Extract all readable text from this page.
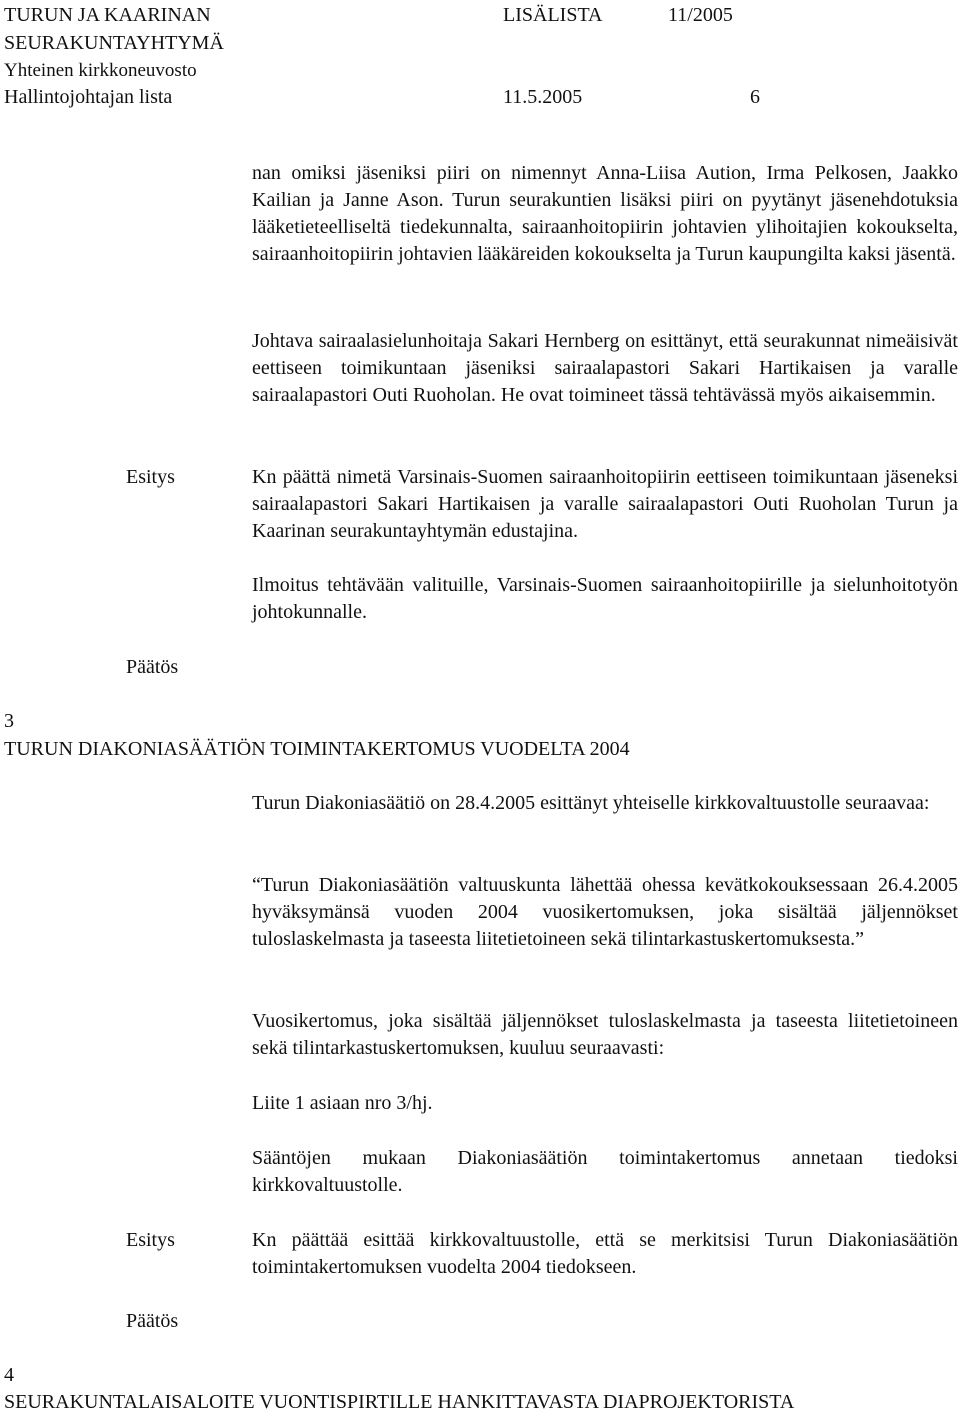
TURUN JA KAARINAN
SEURAKUNTAYHTYMÄ
Yhteinen kirkkoneuvosto
Hallintojohtajan lista
LISÄLISTA	11/2005
11.5.2005	6

nan omiksi jäseniksi piiri on nimennyt Anna-Liisa Aution, Irma Pelkosen, Jaakko Kailian ja Janne Ason. Turun seurakuntien lisäksi piiri on pyytänyt jäsenehdotuksia lääketieteelliseltä tiedekunnalta, sairaanhoitopiirin johtavien ylihoitajien kokoukselta, sairaanhoitopiirin johtavien lääkäreiden kokoukselta ja Turun kaupungilta kaksi jäsentä.

Johtava sairaalasielunhoitaja Sakari Hernberg on esittänyt, että seurakunnat nimeäisivät eettiseen toimikuntaan jäseniksi sairaalapastori Sakari Hartikaisen ja varalle sairaalapastori Outi Ruoholan. He ovat toimineet tässä tehtävässä myös aikaisemmin.

Esitys	Kn päättä nimetä Varsinais-Suomen sairaanhoitopiirin eettiseen toimikuntaan jäseneksi sairaalapastori Sakari Hartikaisen ja varalle sairaalapastori Outi Ruoholan Turun ja Kaarinan seurakuntayhtymän edustajina.

Ilmoitus tehtävään valituille, Varsinais-Suomen sairaanhoitopiirille ja sielunhoitotyön johtokunnalle.

Päätös
3
TURUN DIAKONIASÄÄTIÖN TOIMINTAKERTOMUS VUODELTA 2004

Turun Diakoniasäätiö on 28.4.2005 esittänyt yhteiselle kirkkovaltuustolle seuraavaa:

“Turun Diakoniasäätiön valtuuskunta lähettää ohessa kevätkokouksessaan 26.4.2005 hyväksymänsä vuoden 2004 vuosikertomuksen, joka sisältää jäljennökset tuloslaskelmasta ja taseesta liitetietoineen sekä tilintarkastuskertomuksesta.”

Vuosikertomus, joka sisältää jäljennökset tuloslaskelmasta ja taseesta liitetietoineen sekä tilintarkastuskertomuksen, kuuluu seuraavasti:

Liite 1 asiaan nro 3/hj.

Sääntöjen mukaan Diakoniasäätiön toimintakertomus annetaan tiedoksi kirkkovaltuustolle.

Esitys	Kn päättää esittää kirkkovaltuustolle, että se merkitsisi Turun Diakoniasäätiön toimintakertomuksen vuodelta 2004 tiedokseen.

Päätös
4
SEURAKUNTALAISALOITE VUONTISPIRTILLE HANKITTAVASTA DIAPROJEKTORISTA
